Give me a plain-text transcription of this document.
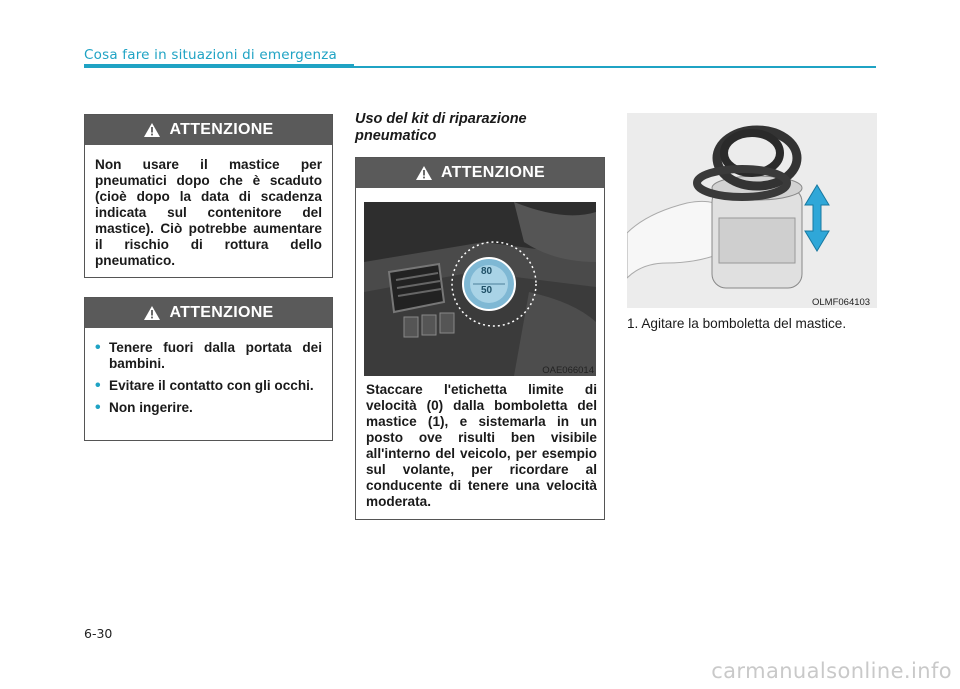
Cosa fare in situazioni di emergenza
ATTENZIONE
Non usare il mastice per pneumatici dopo che è scaduto (cioè dopo la data di scadenza indicata sul contenitore del mastice). Ciò potrebbe aumentare il rischio di rottura dello pneumatico.
ATTENZIONE
• Tenere fuori dalla portata dei bambini.
• Evitare il contatto con gli occhi.
• Non ingerire.
Uso del kit di riparazione pneumatico
ATTENZIONE
80
50
OAE066014
Staccare l'etichetta limite di velocità (0) dalla bomboletta del mastice (1), e sistemarla in un posto ove risulti ben visibile all'interno del veicolo, per esempio sul volante, per ricordare al conducente di tenere una velocità moderata.
OLMF064103
1. Agitare la bomboletta del mastice.
6-30
carmanualsonline.info
